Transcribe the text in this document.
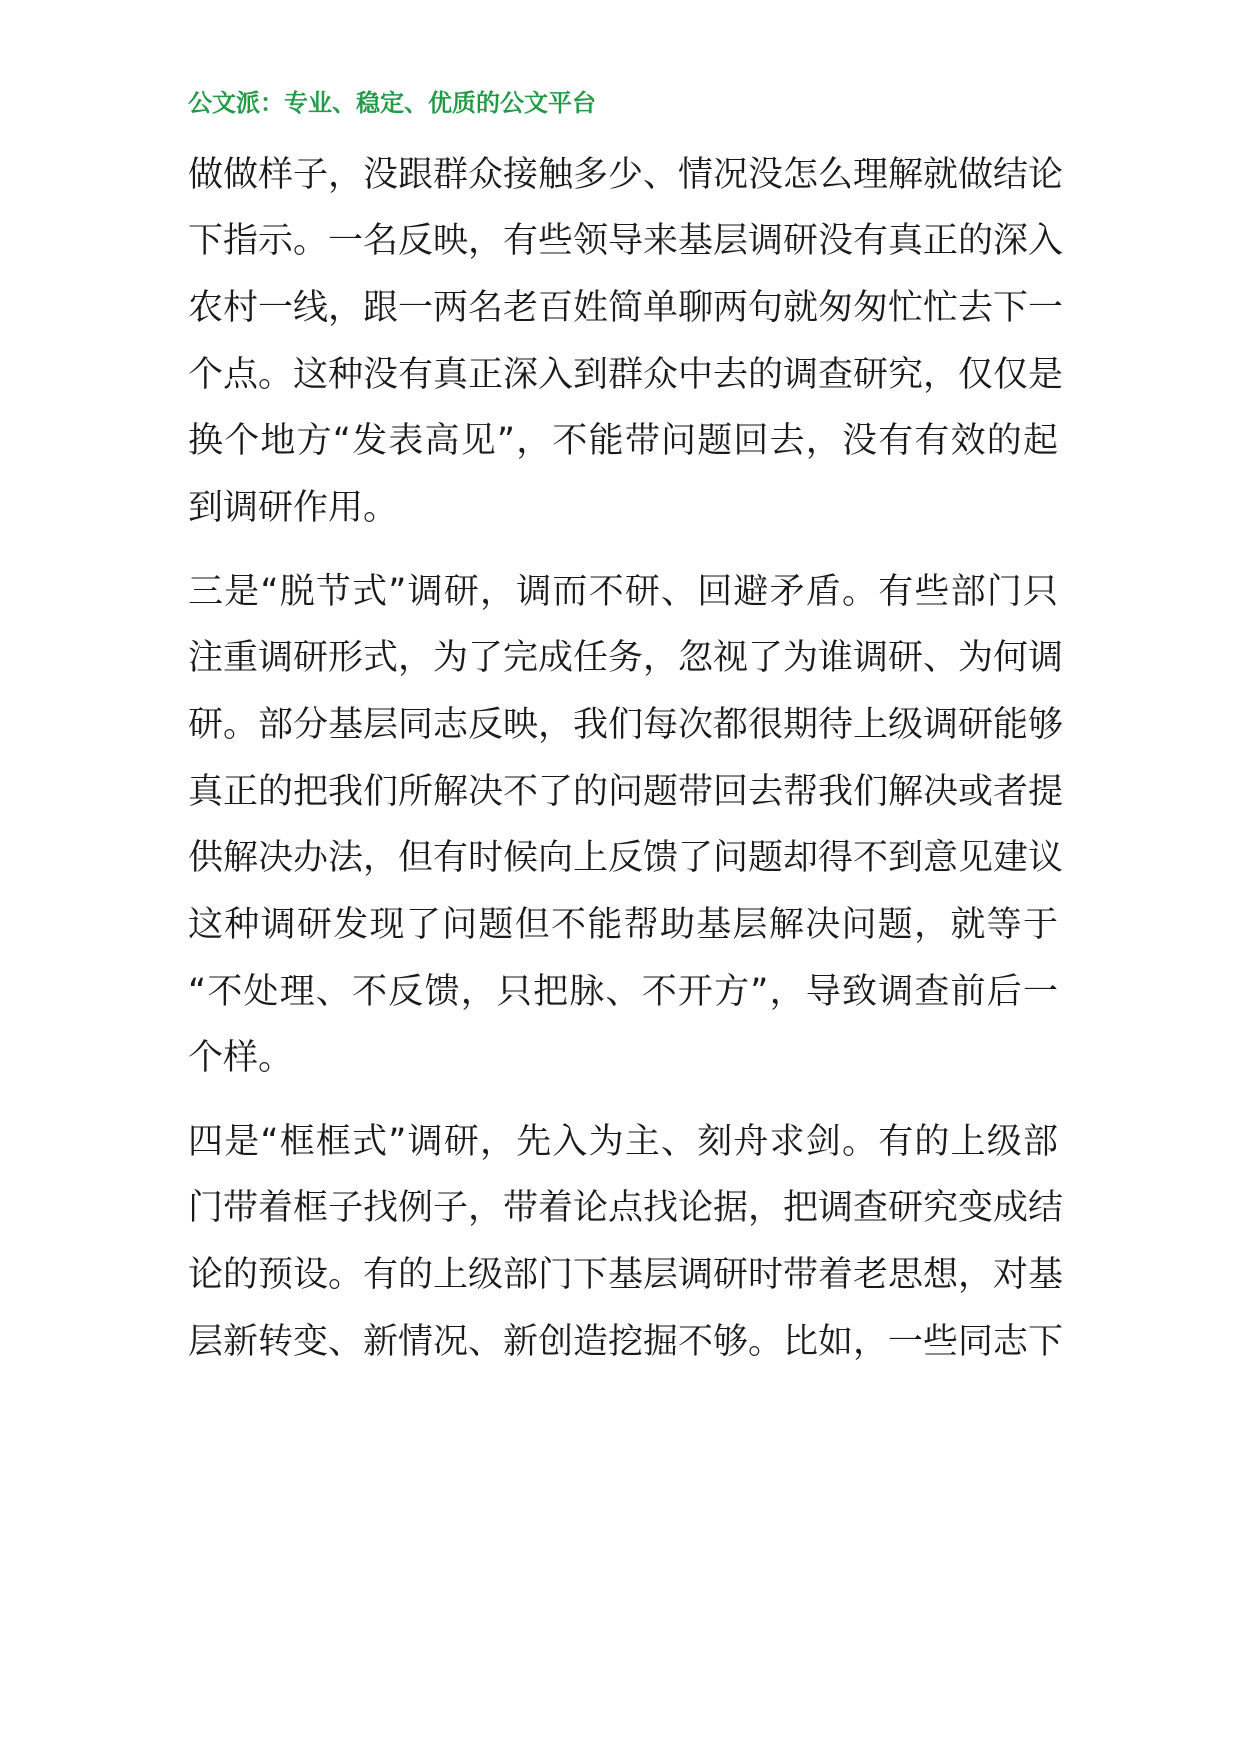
公文派：专业、稳定、优质的公文平台
做做样子，没跟群众接触多少、情况没怎么理解就做结论
下指示。一名反映，有些领导来基层调研没有真正的深入
农村一线，跟一两名老百姓简单聊两句就匆匆忙忙去下一
个点。这种没有真正深入到群众中去的调查研究，仅仅是
换个地方“发表高见”，不能带问题回去，没有有效的起
到调研作用。
三是“脱节式”调研，调而不研、回避矛盾。有些部门只
注重调研形式，为了完成任务，忽视了为谁调研、为何调
研。部分基层同志反映，我们每次都很期待上级调研能够
真正的把我们所解决不了的问题带回去帮我们解决或者提
供解决办法，但有时候向上反馈了问题却得不到意见建议
这种调研发现了问题但不能帮助基层解决问题，就等于
“不处理、不反馈，只把脉、不开方”，导致调查前后一
个样。
四是“框框式”调研，先入为主、刻舟求剑。有的上级部
门带着框子找例子，带着论点找论据，把调查研究变成结
论的预设。有的上级部门下基层调研时带着老思想，对基
层新转变、新情况、新创造挖掘不够。比如，一些同志下
